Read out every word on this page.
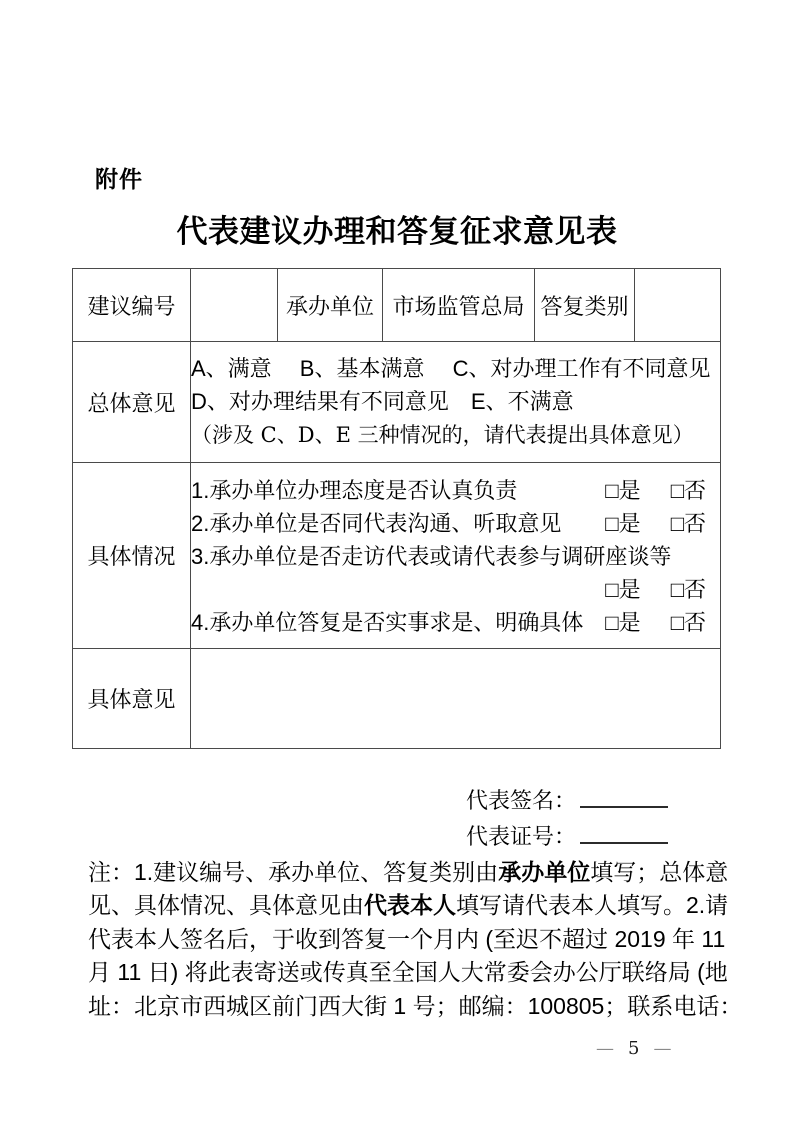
附件
代表建议办理和答复征求意见表
建议编号		承办单位	市场监管总局	答复类别	
总体意见	A、满意　 B、基本满意　 C、对办理工作有不同意见
D、对办理结果有不同意见　E、不满意
（涉及 C、D、E 三种情况的，请代表提出具体意见）				

具体情况	
1.承办单位办理态度是否认真负责	□是 □否
2.承办单位是否同代表沟通、听取意见 □是 □否
3.承办单位是否走访代表或请代表参与调研座谈等
□是 □否
4.承办单位答复是否实事求是、明确具体 □是 □否

具体意见					
代表签名：
代表证号：
注：1.建议编号、承办单位、答复类别由 承办单位 填写；总体意
见、具体情况、具体意见由 代表本人 填写请代表本人填写。2.请
代表本人签名后，于收到答复一个月内 (至迟不超过 2019 年 11
月 11 日) 将此表寄送或传真至全国人大常委会办公厅联络局 (地
址：北京市西城区前门西大街 1 号；邮编：100805；联系电话：
— 5 —
